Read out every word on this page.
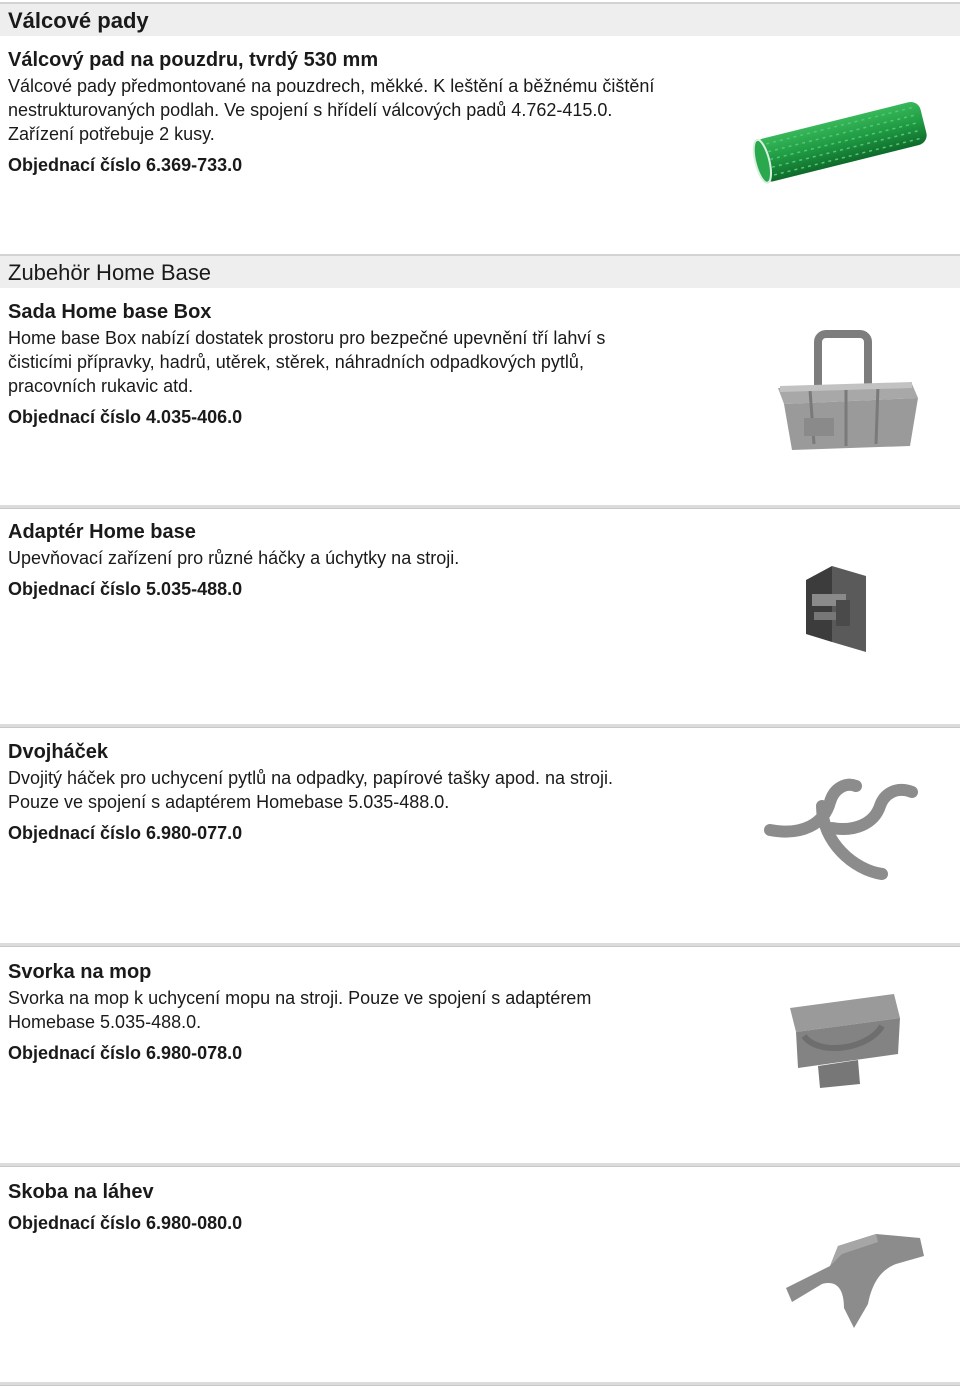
Válcové pady
Válcový pad na pouzdru, tvrdý 530 mm
Válcové pady předmontované na pouzdrech, měkké. K leštění a běžnému čištění
nestrukturovaných podlah. Ve spojení s hřídelí válcových padů 4.762-415.0.
Zařízení potřebuje 2 kusy.
Objednací číslo 6.369-733.0
Zubehör Home Base
Sada Home base Box
Home base Box nabízí dostatek prostoru pro bezpečné upevnění tří lahví s
čisticími přípravky, hadrů, utěrek, stěrek, náhradních odpadkových pytlů,
pracovních rukavic atd.
Objednací číslo 4.035-406.0
Adaptér Home base
Upevňovací zařízení pro různé háčky a úchytky na stroji.
Objednací číslo 5.035-488.0
Dvojháček
Dvojitý háček pro uchycení pytlů na odpadky, papírové tašky apod. na stroji.
Pouze ve spojení s adaptérem Homebase 5.035-488.0.
Objednací číslo 6.980-077.0
Svorka na mop
Svorka na mop k uchycení mopu na stroji. Pouze ve spojení s adaptérem
Homebase 5.035-488.0.
Objednací číslo 6.980-078.0
Skoba na láhev
Objednací číslo 6.980-080.0
